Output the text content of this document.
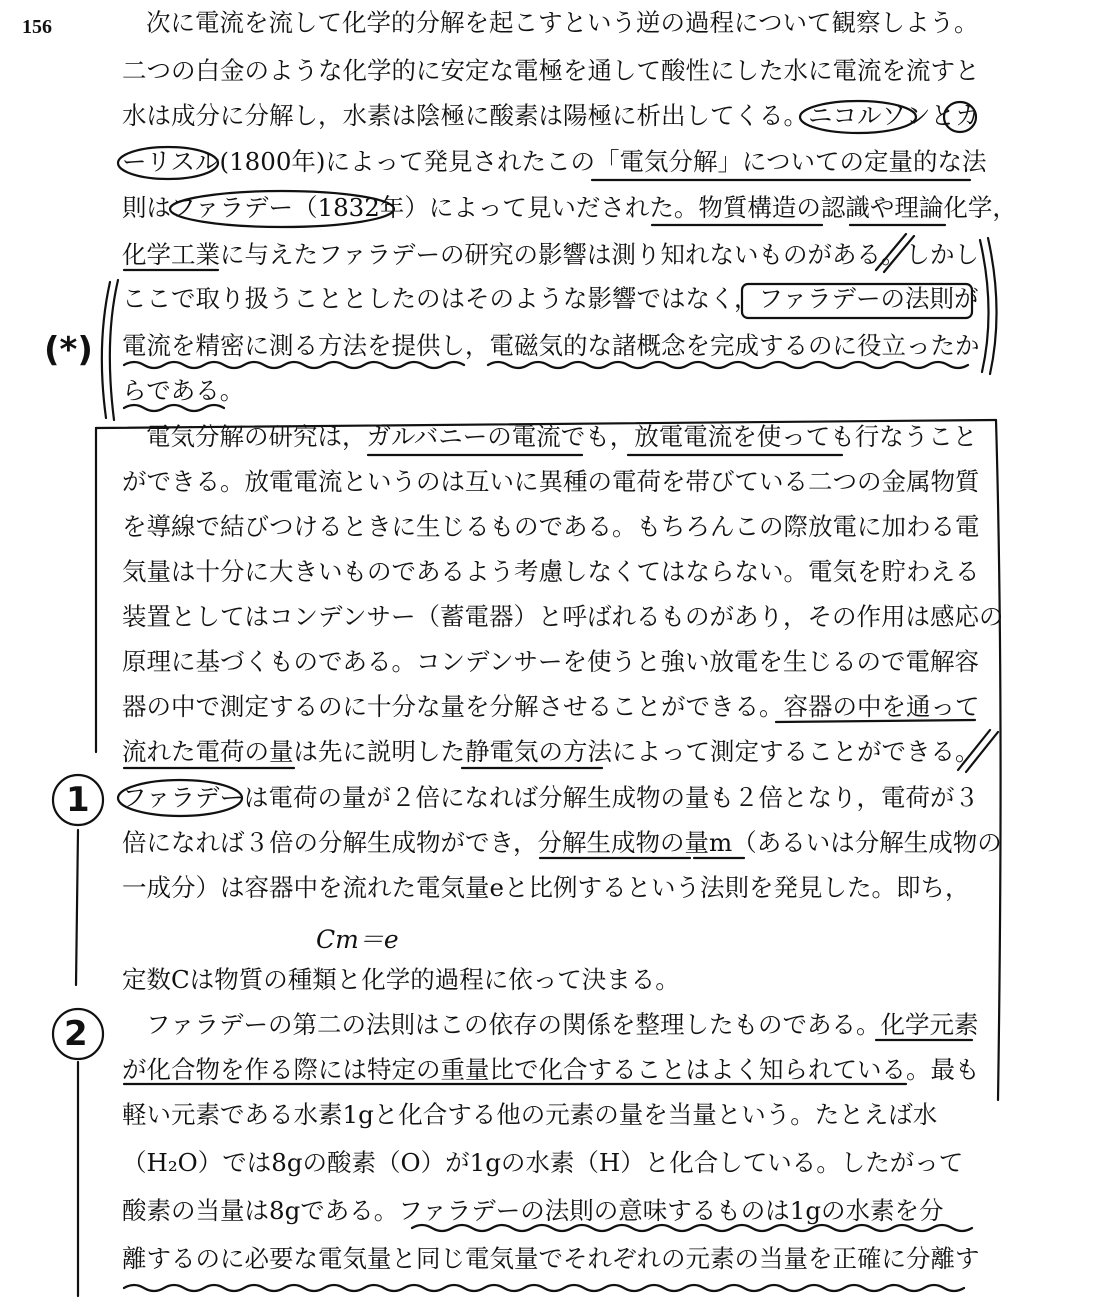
156	次に電流を流して化学的分解を起こすという逆の過程について観察しよう。
二つの白金のような化学的に安定な電極を通して酸性にした水に電流を流すと
水は成分に分解し，水素は陰極に酸素は陽極に析出してくる。ニコルソンとカ
ーリスル(1800年)によって発見されたこの「電気分解」についての定量的な法
則はファラデー（1832年）によって見いだされた。物質構造の認識や理論化学，
化学工業に与えたファラデーの研究の影響は測り知れないものがある。しかし
ここで取り扱うこととしたのはそのような影響ではなく，ファラデーの法則が
電流を精密に測る方法を提供し，電磁気的な諸概念を完成するのに役立ったか
らである。
電気分解の研究は，ガルバニーの電流でも，放電電流を使っても行なうこと
ができる。放電電流というのは互いに異種の電荷を帯びている二つの金属物質
を導線で結びつけるときに生じるものである。もちろんこの際放電に加わる電
気量は十分に大きいものであるよう考慮しなくてはならない。電気を貯わえる
装置としてはコンデンサー（蓄電器）と呼ばれるものがあり，その作用は感応の
原理に基づくものである。コンデンサーを使うと強い放電を生じるので電解容
器の中で測定するのに十分な量を分解させることができる。容器の中を通って
流れた電荷の量は先に説明した静電気の方法によって測定することができる。
ファラデーは電荷の量が２倍になれば分解生成物の量も２倍となり，電荷が３
倍になれば３倍の分解生成物ができ，分解生成物の量m（あるいは分解生成物の
一成分）は容器中を流れた電気量eと比例するという法則を発見した。即ち，
Cm＝e
定数Cは物質の種類と化学的過程に依って決まる。
ファラデーの第二の法則はこの依存の関係を整理したものである。化学元素
が化合物を作る際には特定の重量比で化合することはよく知られている。最も
軽い元素である水素1gと化合する他の元素の量を当量という。たとえば水
（H₂O）では8gの酸素（O）が1gの水素（H）と化合している。したがって
酸素の当量は8gである。ファラデーの法則の意味するものは1gの水素を分
離するのに必要な電気量と同じ電気量でそれぞれの元素の当量を正確に分離す
(*)
1
2
